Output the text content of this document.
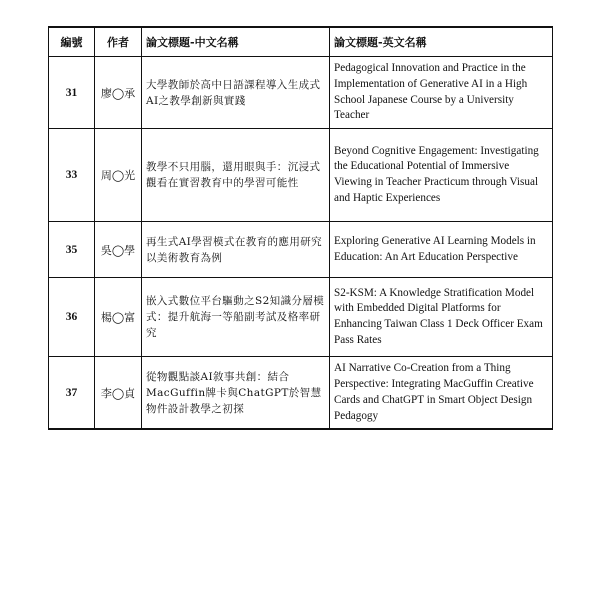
編號	作者	論文標題-中文名稱	論文標題-英文名稱
31	廖◯承	大學教師於高中日語課程導入生成式AI之教學創新與實踐	Pedagogical Innovation and Practice in the Implementation of Generative AI in a High School Japanese Course by a University Teacher
33	周◯光	教學不只用腦，還用眼與手：沉浸式觀看在實習教育中的學習可能性	Beyond Cognitive Engagement: Investigating the Educational Potential of Immersive Viewing in Teacher Practicum through Visual and Haptic Experiences
35	吳◯學	再生式AI學習模式在教育的應用研究 以美術教育為例	Exploring Generative AI Learning Models in Education: An Art Education Perspective
36	楊◯富	嵌入式數位平台驅動之S2知識分層模式：提升航海一等船副考試及格率研究	S2-KSM: A Knowledge Stratification Model with Embedded Digital Platforms for Enhancing Taiwan Class 1 Deck Officer Exam Pass Rates
37	李◯貞	從物觀點談AI敘事共創：結合MacGuffin牌卡與ChatGPT於智慧物件設計教學之初探	AI Narrative Co-Creation from a Thing Perspective: Integrating MacGuffin Creative Cards and ChatGPT in Smart Object Design Pedagogy
